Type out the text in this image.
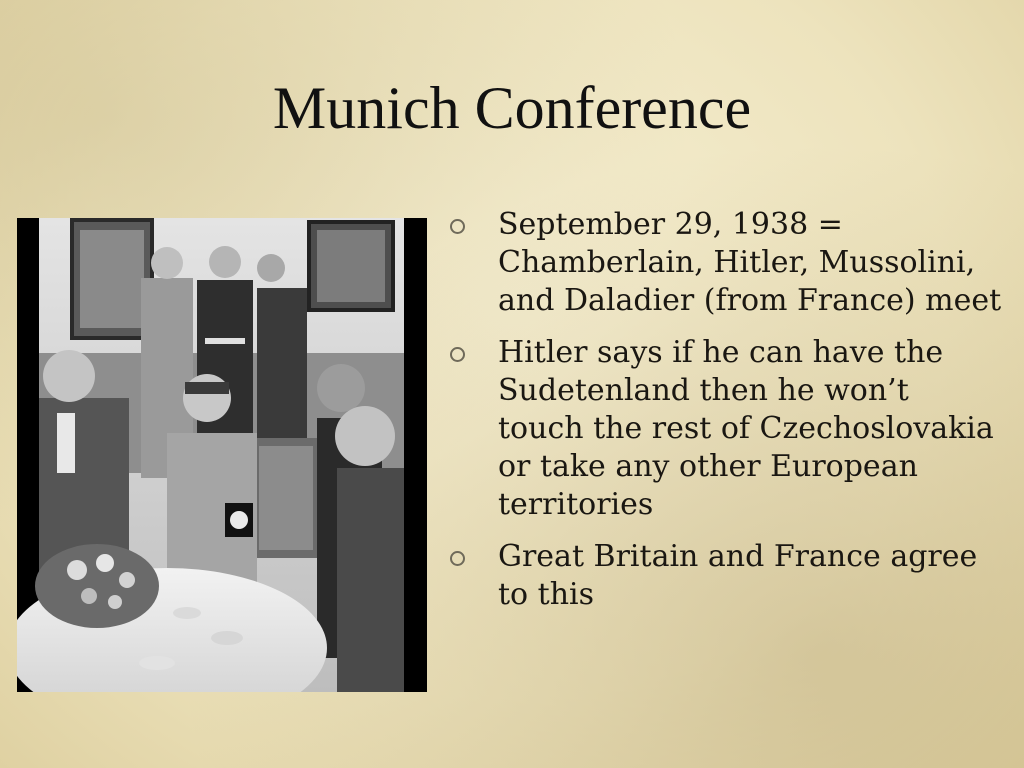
Munich Conference
September 29, 1938 = Chamberlain, Hitler, Mussolini, and Daladier (from France) meet
Hitler says if he can have the Sudetenland then he won’t touch the rest of Czechoslovakia or take any other European territories
Great Britain and France agree to this
